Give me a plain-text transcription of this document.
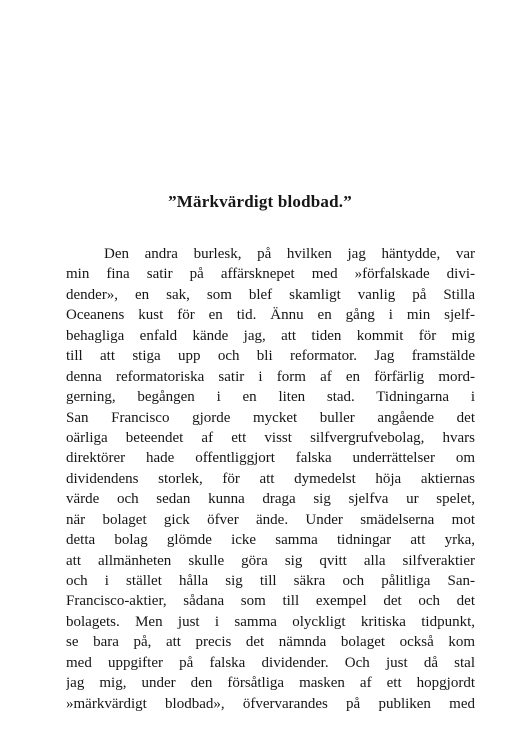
”Märkvärdigt blodbad.”
Den andra burlesk, på hvilken jag häntydde, var
min fina satir på affärsknepet med »förfalskade divi-
dender», en sak, som blef skamligt vanlig på Stilla
Oceanens kust för en tid. Ännu en gång i min sjelf-
behagliga enfald kände jag, att tiden kommit för mig
till att stiga upp och bli reformator. Jag framstälde
denna reformatoriska satir i form af en förfärlig mord-
gerning, begången i en liten stad. Tidningarna i
San Francisco gjorde mycket buller angående det
oärliga beteendet af ett visst silfvergrufvebolag, hvars
direktörer hade offentliggjort falska underrättelser om
dividendens storlek, för att dymedelst höja aktiernas
värde och sedan kunna draga sig sjelfva ur spelet,
när bolaget gick öfver ände. Under smädelserna mot
detta bolag glömde icke samma tidningar att yrka,
att allmänheten skulle göra sig qvitt alla silfveraktier
och i stället hålla sig till säkra och pålitliga San-
Francisco-aktier, sådana som till exempel det och det
bolagets. Men just i samma olyckligt kritiska tidpunkt,
se bara på, att precis det nämnda bolaget också kom
med uppgifter på falska dividender. Och just då stal
jag mig, under den försåtliga masken af ett hopgjordt
»märkvärdigt blodbad», öfvervarandes på publiken med
